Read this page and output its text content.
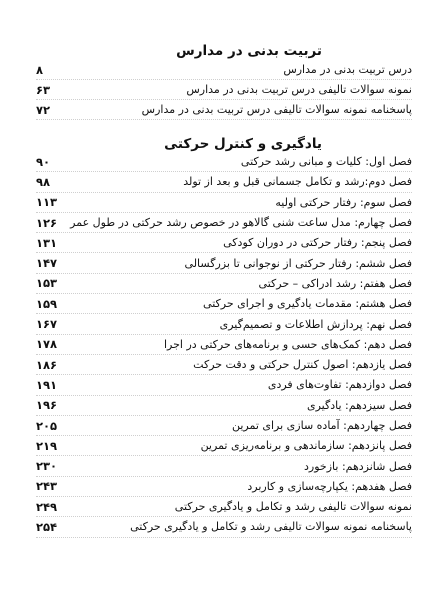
تربیت بدنی در مدارس
درس تربیت بدنی در مدارس
۸
نمونه سوالات تالیفی درس تربیت بدنی در مدارس
۶۳
پاسخنامه نمونه سوالات تالیفی درس تربیت بدنی در مدارس
۷۲
یادگیری و کنترل حرکتی
فصل اول: کلیات و مبانی رشد حرکتی
۹۰
فصل دوم:رشد و تکامل جسمانی قبل و بعد از تولد
۹۸
فصل سوم: رفتار حرکتی اولیه
۱۱۳
فصل چهارم: مدل ساعت شنی گالاهو در خصوص رشد حرکتی در طول عمر
۱۲۶
فصل پنجم: رفتار حرکتی در دوران کودکی
۱۳۱
فصل ششم: رفتار حرکتی از نوجوانی تا بزرگسالی
۱۴۷
فصل هفتم: رشد ادراکی – حرکتی
۱۵۳
فصل هشتم: مقدمات یادگیری و اجرای حرکتی
۱۵۹
فصل نهم: پردازش اطلاعات و تصمیم‌گیری
۱۶۷
فصل دهم: کمک‌های حسی و برنامه‌های حرکتی در اجرا
۱۷۸
فصل یازدهم: اصول کنترل حرکتی و دقت حرکت
۱۸۶
فصل دوازدهم: تفاوت‌های فردی
۱۹۱
فصل سیزدهم: یادگیری
۱۹۶
فصل چهاردهم: آماده سازی برای تمرین
۲۰۵
فصل پانزدهم: سازماندهی و برنامه‌ریزی تمرین
۲۱۹
فصل شانزدهم: بازخورد
۲۳۰
فصل هفدهم: یکپارچه‌سازی و کاربرد
۲۴۳
نمونه سوالات تالیفی رشد و تکامل و یادگیری حرکتی
۲۴۹
پاسخنامه نمونه سوالات تالیفی رشد و تکامل و یادگیری حرکتی
۲۵۴
